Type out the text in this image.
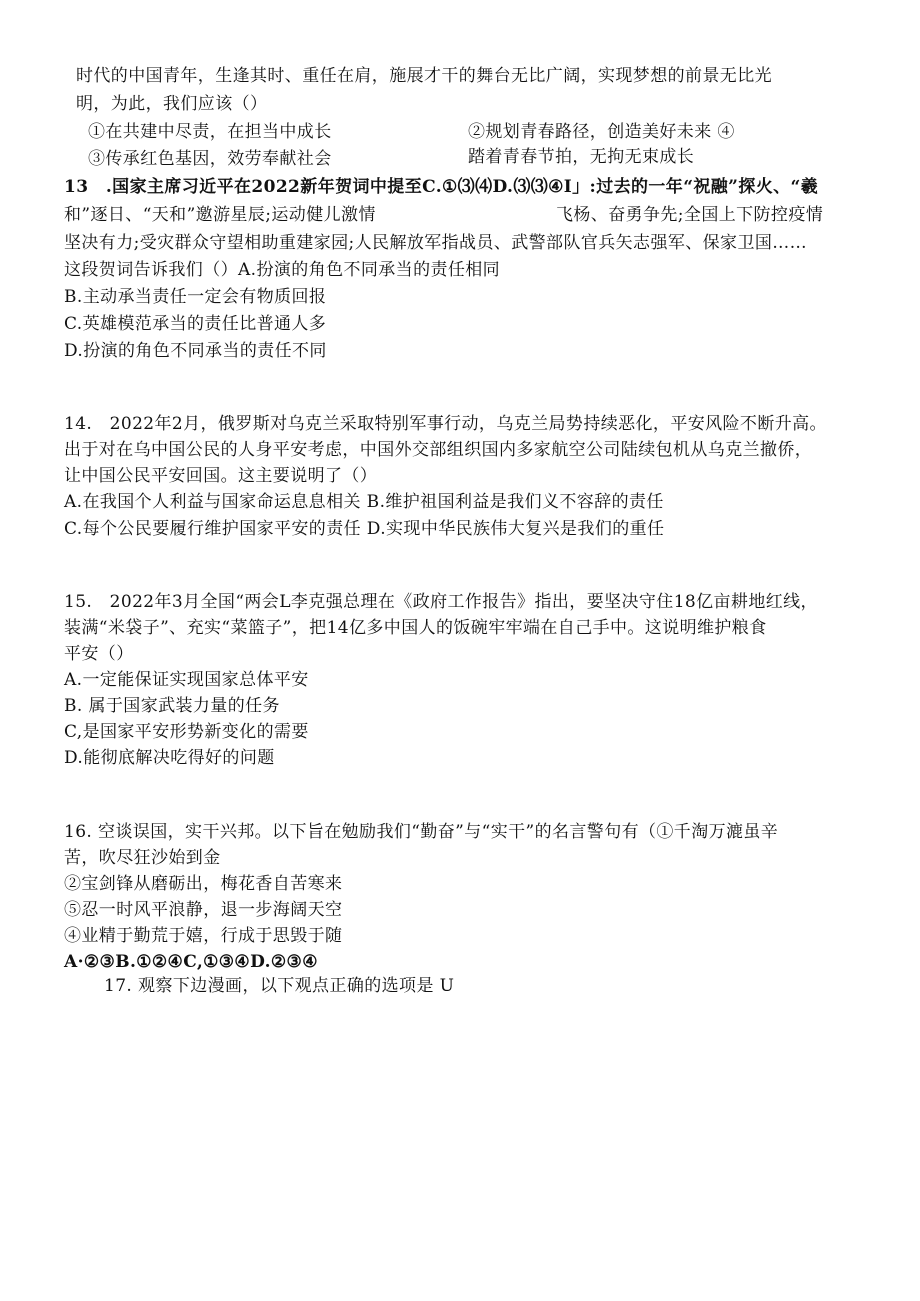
时代的中国青年，生逢其时、重任在肩，施展才干的舞台无比广阔，实现梦想的前景无比光
明，为此，我们应该（）
①在共建中尽责，在担当中成长	②规划青春路径，创造美好未来 ④
③传承红色基因，效劳奉献社会	踏着青春节拍，无拘无束成长
13　.国家主席习近平在2022新年贺词中提至C.①⑶⑷D.⑶⑶④I」:过去的一年“祝融”探火、“羲
和”逐日、“天和”邀游星辰;运动健儿激情	飞杨、奋勇争先;全国上下防控疫情
坚决有力;受灾群众守望相助重建家园;人民解放军指战员、武警部队官兵矢志强军、保家卫国……
这段贺词告诉我们（）A.扮演的角色不同承当的责任相同
B.主动承当责任一定会有物质回报
C.英雄模范承当的责任比普通人多
D.扮演的角色不同承当的责任不同
14.　2022年2月，俄罗斯对乌克兰采取特别军事行动，乌克兰局势持续恶化，平安风险不断升高。
出于对在乌中国公民的人身平安考虑，中国外交部组织国内多家航空公司陆续包机从乌克兰撤侨，
让中国公民平安回国。这主要说明了（）
A.在我国个人利益与国家命运息息相关 B.维护祖国利益是我们义不容辞的责任
C.每个公民要履行维护国家平安的责任 D.实现中华民族伟大复兴是我们的重任
15.　2022年3月全国“两会L李克强总理在《政府工作报告》指出，要坚决守住18亿亩耕地红线，
装满“米袋子”、充实“菜篮子”，把14亿多中国人的饭碗牢牢端在自己手中。这说明维护粮食
平安（）
A.一定能保证实现国家总体平安
B. 属于国家武装力量的任务
C,是国家平安形势新变化的需要
D.能彻底解决吃得好的问题
16. 空谈误国，实干兴邦。以下旨在勉励我们“勤奋”与“实干”的名言警句有（①千淘万漉虽辛
苦，吹尽狂沙始到金
②宝剑锋从磨砺出，梅花香自苦寒来
⑤忍一时风平浪静，退一步海阔天空
④业精于勤荒于嬉，行成于思毁于随
A·②③B.①②④C,①③④D.②③④
17. 观察下边漫画，以下观点正确的选项是 U
